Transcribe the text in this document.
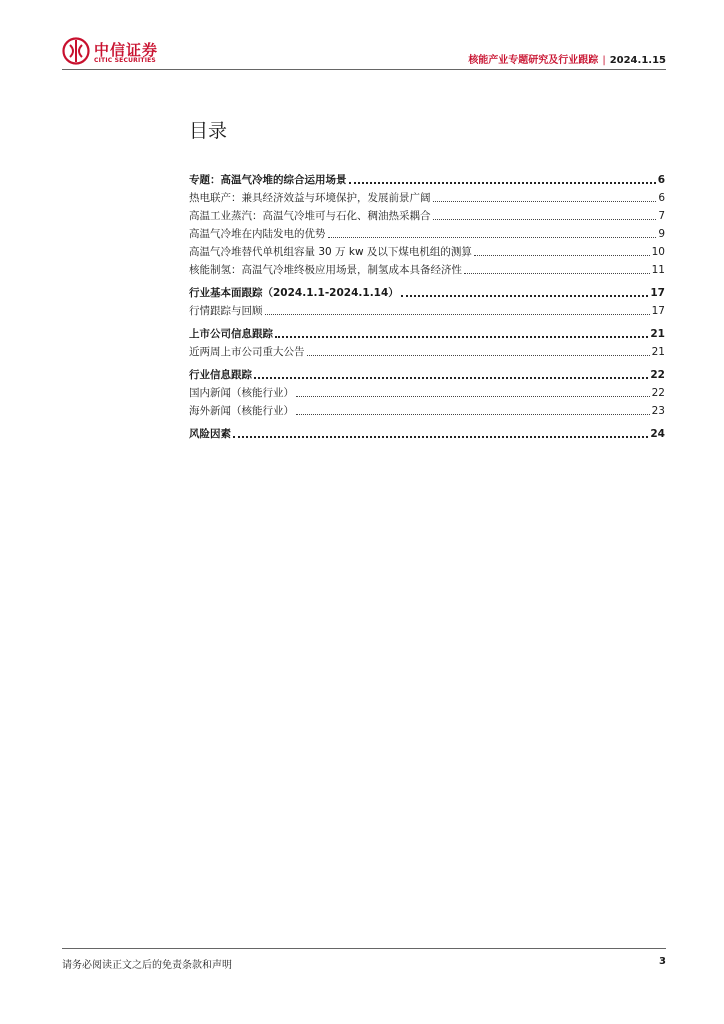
中信证券
CITIC SECURITIES	核能产业专题研究及行业跟踪 | 2024.1.15
目录
专题：高温气冷堆的综合运用场景	6
热电联产：兼具经济效益与环境保护，发展前景广阔	6
高温工业蒸汽：高温气冷堆可与石化、稠油热采耦合	7
高温气冷堆在内陆发电的优势	9
高温气冷堆替代单机组容量 30 万 kw 及以下煤电机组的测算	10
核能制氢：高温气冷堆终极应用场景，制氢成本具备经济性	11
行业基本面跟踪（2024.1.1-2024.1.14）	17
行情跟踪与回顾	17
上市公司信息跟踪	21
近两周上市公司重大公告	21
行业信息跟踪	22
国内新闻（核能行业）	22
海外新闻（核能行业）	23
风险因素	24
请务必阅读正文之后的免责条款和声明	3
